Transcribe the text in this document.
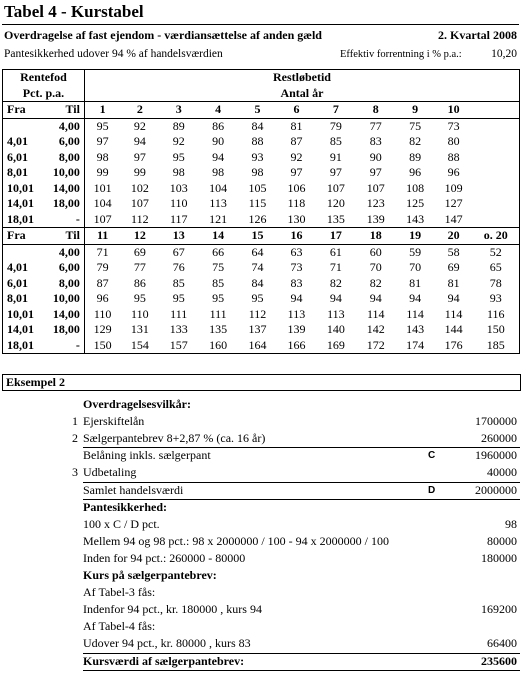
Tabel 4 - Kurstabel
Overdragelse af fast ejendom - værdiansættelse af anden gæld	2. Kvartal 2008
Pantesikkerhed udover 94 % af handelsværdien	Effektiv forrentning i % p.a.:	10,20
Rentefod		Restløbetid										
Pct. p.a.		Antal år										
Fra	Til	1	2	3	4	5	6	7	8	9	10	
	4,00	95	92	89	86	84	81	79	77	75	73	
4,01	6,00	97	94	92	90	88	87	85	83	82	80	
6,01	8,00	98	97	95	94	93	92	91	90	89	88	
8,01	10,00	99	99	98	98	98	97	97	97	96	96	
10,01	14,00	101	102	103	104	105	106	107	107	108	109	
14,01	18,00	104	107	110	113	115	118	120	123	125	127	
18,01	-	107	112	117	121	126	130	135	139	143	147	
Fra	Til	11	12	13	14	15	16	17	18	19	20	o. 20
	4,00	71	69	67	66	64	63	61	60	59	58	52
4,01	6,00	79	77	76	75	74	73	71	70	70	69	65
6,01	8,00	87	86	85	85	84	83	82	82	81	81	78
8,01	10,00	96	95	95	95	95	94	94	94	94	94	93
10,01	14,00	110	110	111	111	112	113	113	114	114	114	116
14,01	18,00	129	131	133	135	137	139	140	142	143	144	150
18,01	-	150	154	157	160	164	166	169	172	174	176	185
Eksempel 2
Overdragelsesvilkår:
1 Ejerskiftelån	1700000
2 Sælgerpantebrev 8+2,87 % (ca. 16 år)	260000
Belåning inkls. sælgerpant	C	1960000
3 Udbetaling	40000
Samlet handelsværdi	D	2000000
Pantesikkerhed:
100 x C / D pct.	98
Mellem 94 og 98 pct.: 98 x 2000000 / 100 - 94 x 2000000 / 100	80000
Inden for 94 pct.: 260000 - 80000	180000
Kurs på sælgerpantebrev:
Af Tabel-3 fås:
Indenfor 94 pct., kr. 180000 , kurs 94	169200
Af Tabel-4 fås:
Udover 94 pct., kr. 80000 , kurs 83	66400
Kursværdi af sælgerpantebrev:	235600
